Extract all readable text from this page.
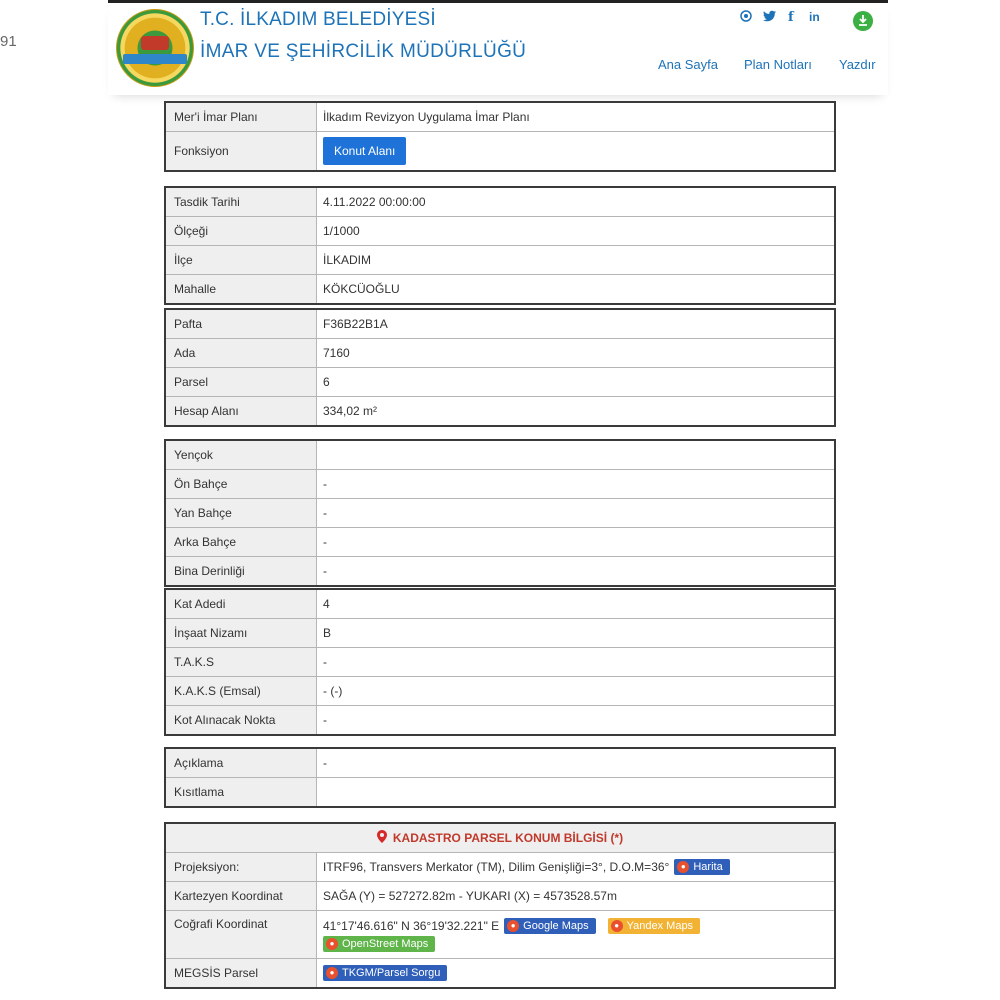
91
T.C. İLKADIM BELEDİYESİ
İMAR VE ŞEHİRCİLİK MÜDÜRLÜĞÜ
f in
Ana Sayfa Plan Notları Yazdır
Mer'i İmar Planı	İlkadım Revizyon Uygulama İmar Planı
Fonksiyon	Konut Alanı
Tasdik Tarihi	4.11.2022 00:00:00
Ölçeği	1/1000
İlçe	İLKADIM
Mahalle	KÖKCÜOĞLU
Pafta	F36B22B1A
Ada	7160
Parsel	6
Hesap Alanı	334,02 m²
Yençok
Ön Bahçe	-
Yan Bahçe	-
Arka Bahçe	-
Bina Derinliği	-
Kat Adedi	4
İnşaat Nizamı	B
T.A.K.S	-
K.A.K.S (Emsal)	- (-)
Kot Alınacak Nokta	-
Açıklama	-
Kısıtlama
KADASTRO PARSEL KONUM BİLGİSİ (*)
Projeksiyon:	ITRF96, Transvers Merkator (TM), Dilim Genişliği=3°, D.O.M=36°	● Harita
Kartezyen Koordinat	SAĞA (Y) = 527272.82m - YUKARI (X) = 4573528.57m
Coğrafi Koordinat	41°17'46.616" N 36°19'32.221" E	● Google Maps	● Yandex Maps
● OpenStreet Maps
MEGSİS Parsel	● TKGM/Parsel Sorgu
